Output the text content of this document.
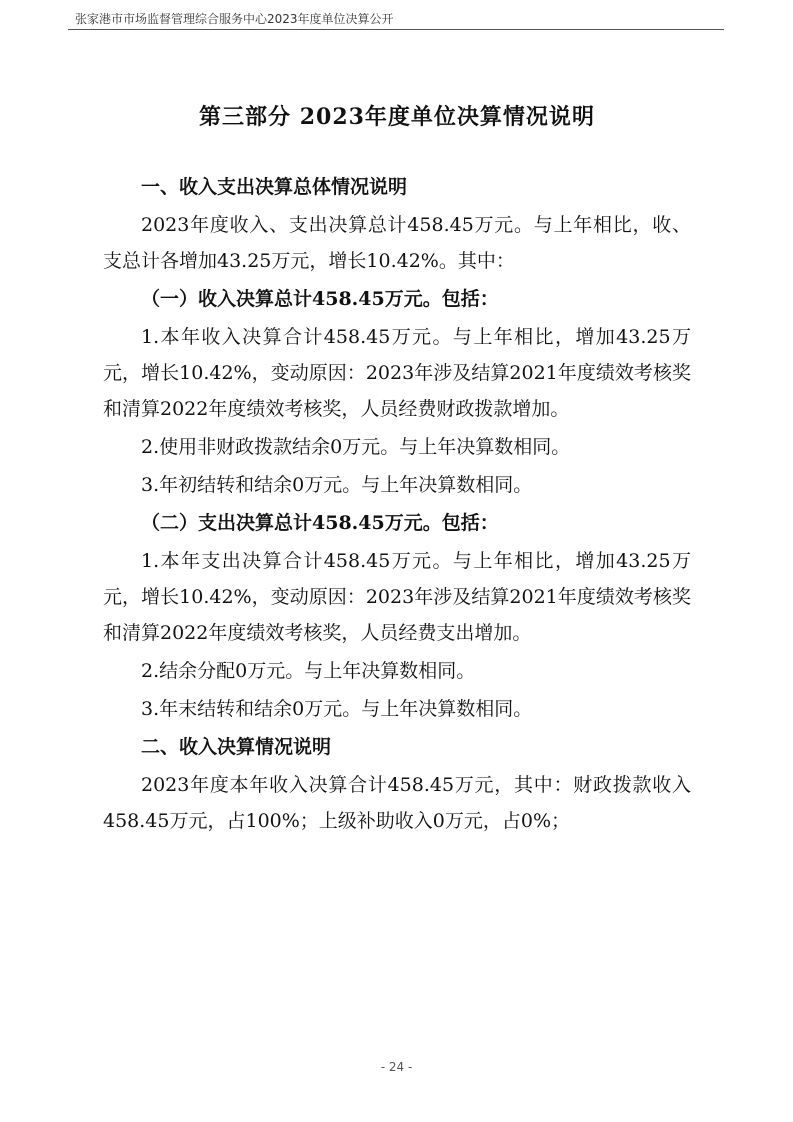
张家港市市场监督管理综合服务中心2023年度单位决算公开
第三部分 2023年度单位决算情况说明
一、收入支出决算总体情况说明
2023年度收入、支出决算总计458.45万元。与上年相比，收、支总计各增加43.25万元，增长10.42%。其中：
（一）收入决算总计458.45万元。包括：
1.本年收入决算合计458.45万元。与上年相比，增加43.25万元，增长10.42%，变动原因：2023年涉及结算2021年度绩效考核奖和清算2022年度绩效考核奖，人员经费财政拨款增加。
2.使用非财政拨款结余0万元。与上年决算数相同。
3.年初结转和结余0万元。与上年决算数相同。
（二）支出决算总计458.45万元。包括：
1.本年支出决算合计458.45万元。与上年相比，增加43.25万元，增长10.42%，变动原因：2023年涉及结算2021年度绩效考核奖和清算2022年度绩效考核奖，人员经费支出增加。
2.结余分配0万元。与上年决算数相同。
3.年末结转和结余0万元。与上年决算数相同。
二、收入决算情况说明
2023年度本年收入决算合计458.45万元，其中：财政拨款收入458.45万元，占100%；上级补助收入0万元，占0%；
- 24 -
